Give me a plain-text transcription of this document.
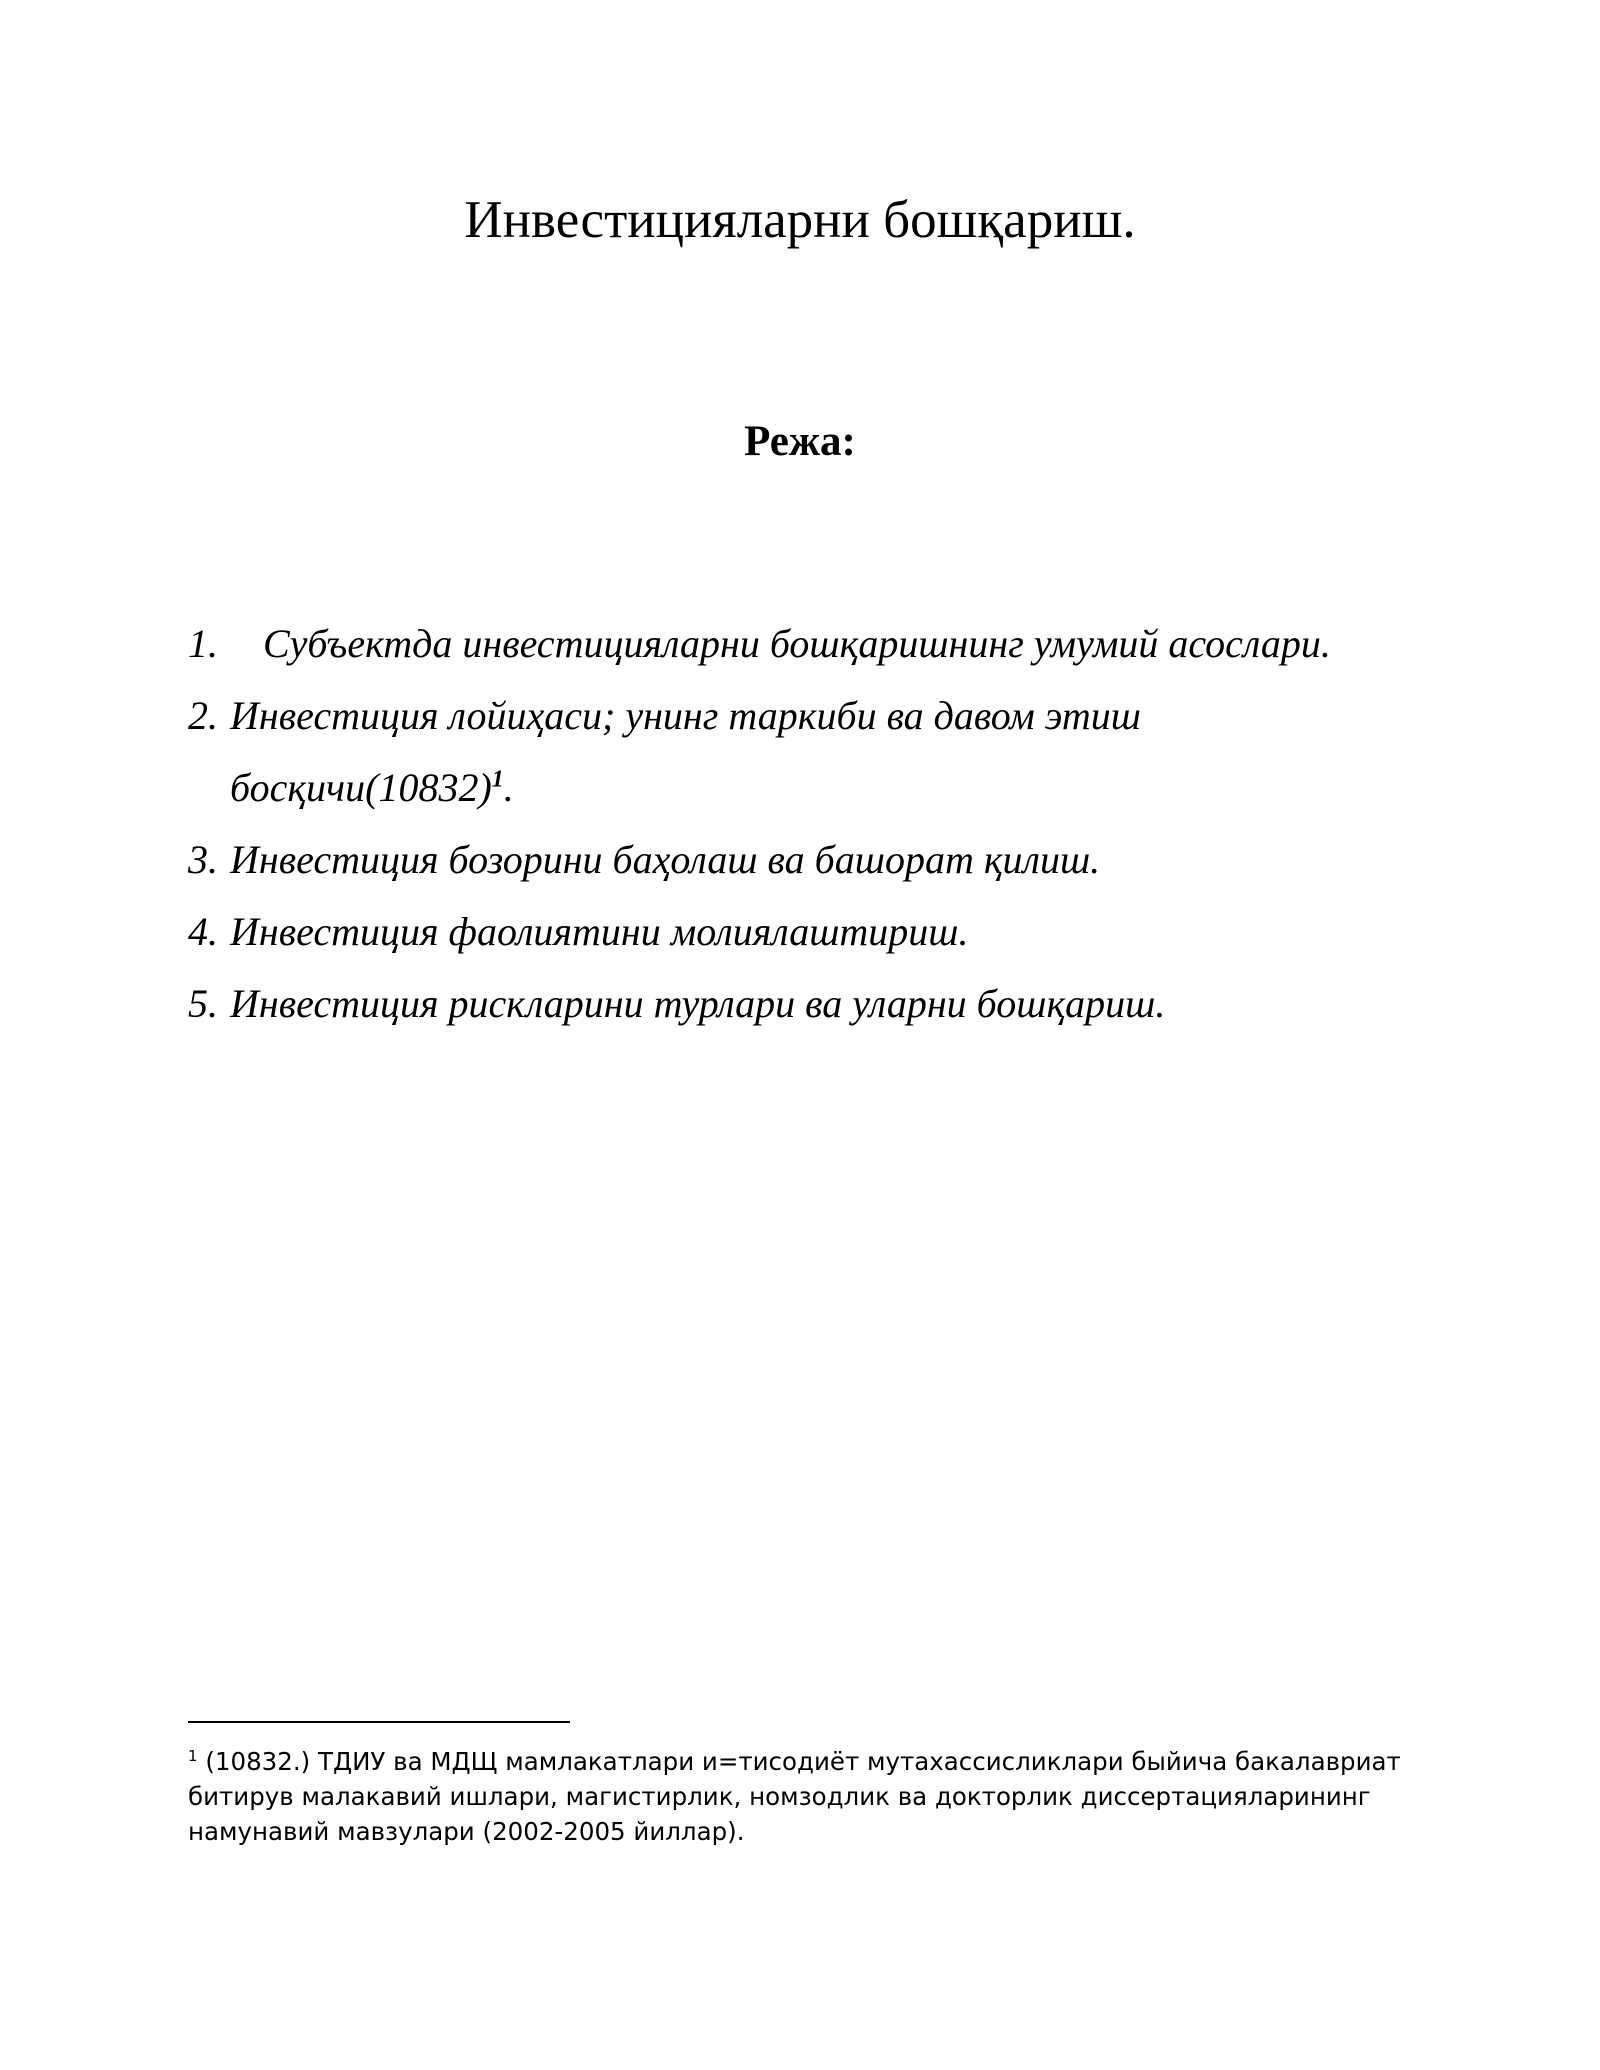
Инвестицияларни бошқариш.
Режа:
1. Субъектда инвестицияларни бошқаришнинг умумий асослари.
2. Инвестиция лойиҳаси; унинг таркиби ва давом этиш $босқичи(10832)^1$.
3. Инвестиция бозорини баҳолаш ва башорат қилиш.
4. Инвестиция фаолиятини молиялаштириш.
5. Инвестиция рискларини турлари ва уларни бошқариш.

$^1$ (10832.) ТДИУ ва МДЩ мамлакатлари и=тисодиёт мутахассисликлари быйича бакалавриат битирув малакавий ишлари, магистирлик, номзодлик ва докторлик диссертацияларининг намунавий мавзулари (2002-2005 йиллар).
